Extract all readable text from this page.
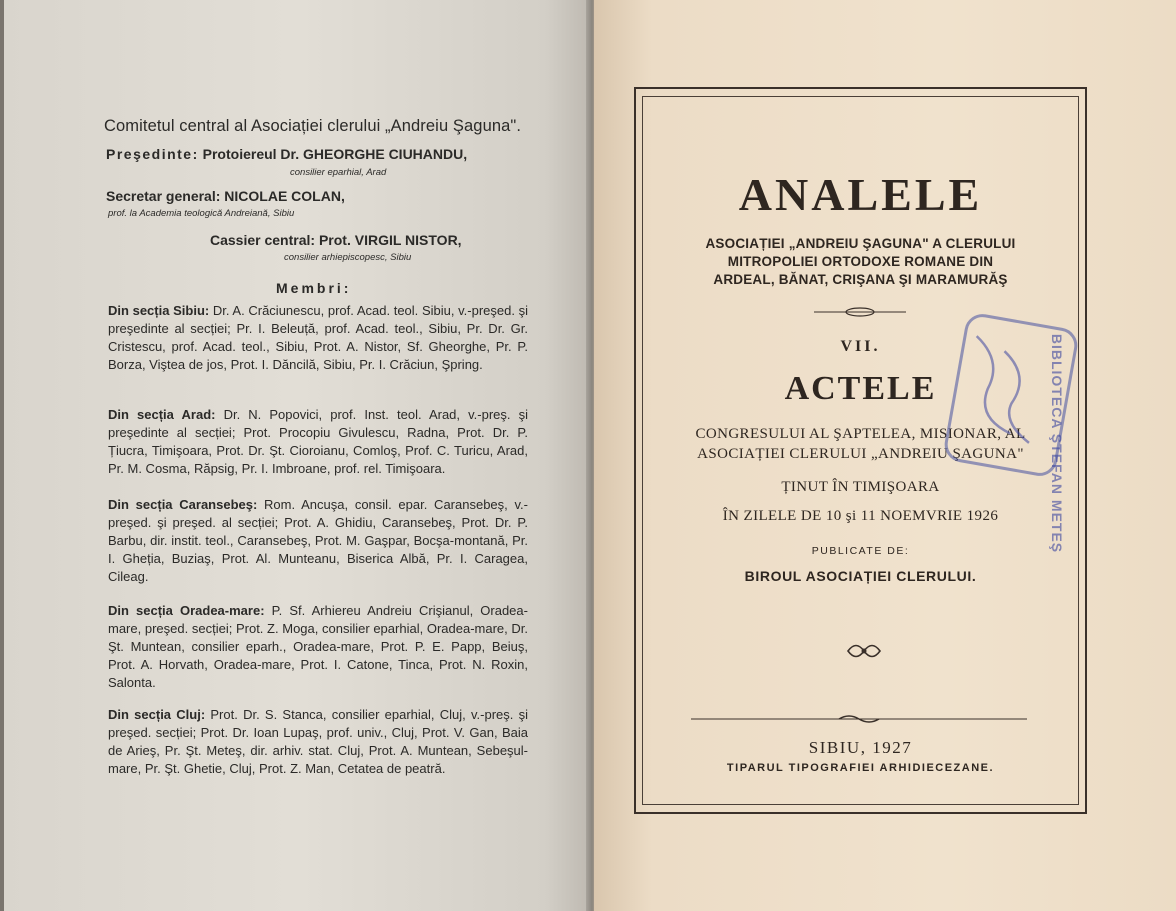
Comitetul central al Asociației clerului „Andreiu Şaguna".
Preşedinte: Protoiereul Dr. GHEORGHE CIUHANDU,
consilier eparhial, Arad
Secretar general: NICOLAE COLAN,
prof. la Academia teologică Andreiană, Sibiu
Cassier central: Prot. VIRGIL NISTOR,
consilier arhiepiscopesc, Sibiu
Membri:
Din secția Sibiu: Dr. A. Crăciunescu, prof. Acad. teol. Sibiu, v.-preşed. şi preşedinte al secției; Pr. I. Beleuță, prof. Acad. teol., Sibiu, Pr. Dr. Gr. Cristescu, prof. Acad. teol., Sibiu, Prot. A. Nistor, Sf. Gheorghe, Pr. P. Borza, Viştea de jos, Prot. I. Dăncilă, Sibiu, Pr. I. Crăciun, Şpring.
Din secția Arad: Dr. N. Popovici, prof. Inst. teol. Arad, v.-preş. şi preşedinte al secției; Prot. Procopiu Givulescu, Radna, Prot. Dr. P. Țiucra, Timişoara, Prot. Dr. Şt. Cioroianu, Comloş, Prof. C. Turicu, Arad, Pr. M. Cosma, Răpsig, Pr. I. Imbroane, prof. rel. Timişoara.
Din secția Caransebeş: Rom. Ancuşa, consil. epar. Caransebeş, v.-preşed. şi preşed. al secției; Prot. A. Ghidiu, Caransebeş, Prot. Dr. P. Barbu, dir. instit. teol., Caransebeş, Prot. M. Gaşpar, Bocşa-montană, Pr. I. Gheția, Buziaş, Prot. Al. Munteanu, Biserica Albă, Pr. I. Caragea, Cileag.
Din secția Oradea-mare: P. Sf. Arhiereu Andreiu Crişianul, Oradea-mare, preşed. secției; Prot. Z. Moga, consilier eparhial, Oradea-mare, Dr. Şt. Muntean, consilier eparh., Oradea-mare, Prot. P. E. Papp, Beiuş, Prot. A. Horvath, Oradea-mare, Prot. I. Catone, Tinca, Prot. N. Roxin, Salonta.
Din secția Cluj: Prot. Dr. S. Stanca, consilier eparhial, Cluj, v.-preş. şi preşed. secției; Prot. Dr. Ioan Lupaş, prof. univ., Cluj, Prot. V. Gan, Baia de Arieş, Pr. Şt. Meteş, dir. arhiv. stat. Cluj, Prot. A. Muntean, Sebeşul-mare, Pr. Şt. Ghetie, Cluj, Prot. Z. Man, Cetatea de peatră.
ANALELE
ASOCIAȚIEI „ANDREIU ŞAGUNA" A CLERULUI
MITROPOLIEI ORTODOXE ROMANE DIN
ARDEAL, BĂNAT, CRIŞANA ŞI MARAMURĂŞ
VII.
ACTELE
CONGRESULUI AL ŞAPTELEA, MISIONAR, AL
ASOCIAȚIEI CLERULUI „ANDREIU ŞAGUNA"
ȚINUT ÎN TIMIŞOARA
ÎN ZILELE DE 10 şi 11 NOEMVRIE 1926
PUBLICATE DE:
BIROUL ASOCIAȚIEI CLERULUI.
SIBIU, 1927
TIPARUL TIPOGRAFIEI ARHIDIECEZANE.
BIBLIOTECA ŞTEFAN METEŞ
